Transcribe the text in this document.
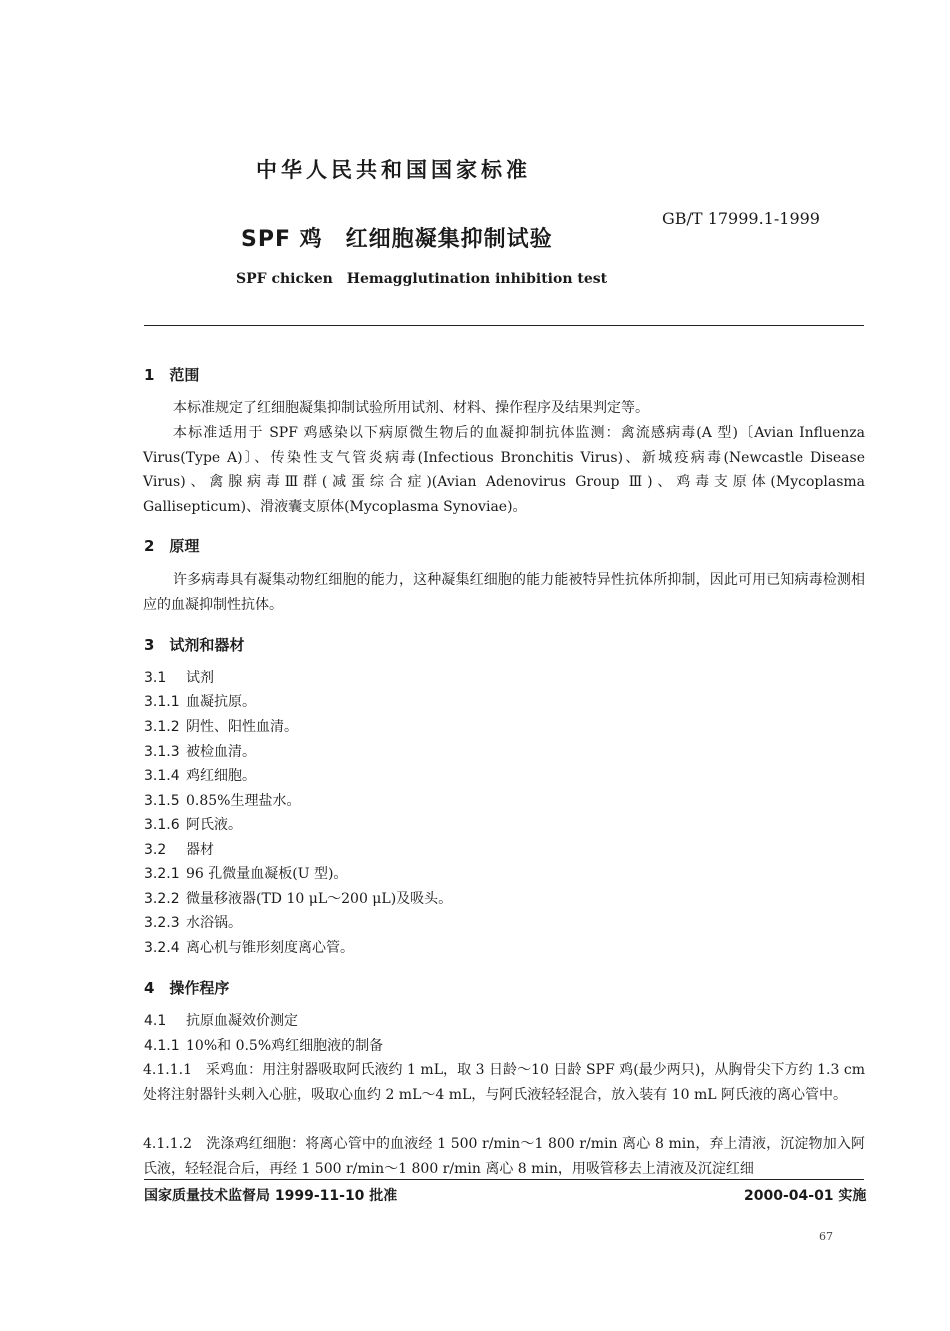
中华人民共和国国家标准
SPF 鸡　红细胞凝集抑制试验
GB/T 17999.1-1999
SPF chicken　Hemagglutination inhibition test
1　范围
本标准规定了红细胞凝集抑制试验所用试剂、材料、操作程序及结果判定等。
本标准适用于 SPF 鸡感染以下病原微生物后的血凝抑制抗体监测：禽流感病毒(A 型)〔Avian Influenza Virus(Type A)〕、传染性支气管炎病毒(Infectious Bronchitis Virus)、新城疫病毒(Newcastle Disease Virus)、禽腺病毒Ⅲ群(减蛋综合症)(Avian Adenovirus Group Ⅲ)、鸡毒支原体(Mycoplasma Gallisepticum)、滑液囊支原体(Mycoplasma Synoviae)。
2　原理
许多病毒具有凝集动物红细胞的能力，这种凝集红细胞的能力能被特异性抗体所抑制，因此可用已知病毒检测相应的血凝抑制性抗体。
3　试剂和器材
3.1 试剂
3.1.1 血凝抗原。
3.1.2 阴性、阳性血清。
3.1.3 被检血清。
3.1.4 鸡红细胞。
3.1.5 0.85%生理盐水。
3.1.6 阿氏液。
3.2 器材
3.2.1 96 孔微量血凝板(U 型)。
3.2.2 微量移液器(TD 10 μL～200 μL)及吸头。
3.2.3 水浴锅。
3.2.4 离心机与锥形刻度离心管。
4　操作程序
4.1 抗原血凝效价测定
4.1.1 10%和 0.5%鸡红细胞液的制备
4.1.1.1　采鸡血：用注射器吸取阿氏液约 1 mL，取 3 日龄～10 日龄 SPF 鸡(最少两只)，从胸骨尖下方约 1.3 cm 处将注射器针头刺入心脏，吸取心血约 2 mL～4 mL，与阿氏液轻轻混合，放入装有 10 mL 阿氏液的离心管中。
4.1.1.2　洗涤鸡红细胞：将离心管中的血液经 1 500 r/min～1 800 r/min 离心 8 min，弃上清液，沉淀物加入阿氏液，轻轻混合后，再经 1 500 r/min～1 800 r/min 离心 8 min，用吸管移去上清液及沉淀红细
国家质量技术监督局 1999-11-10 批准	2000-04-01 实施
67
